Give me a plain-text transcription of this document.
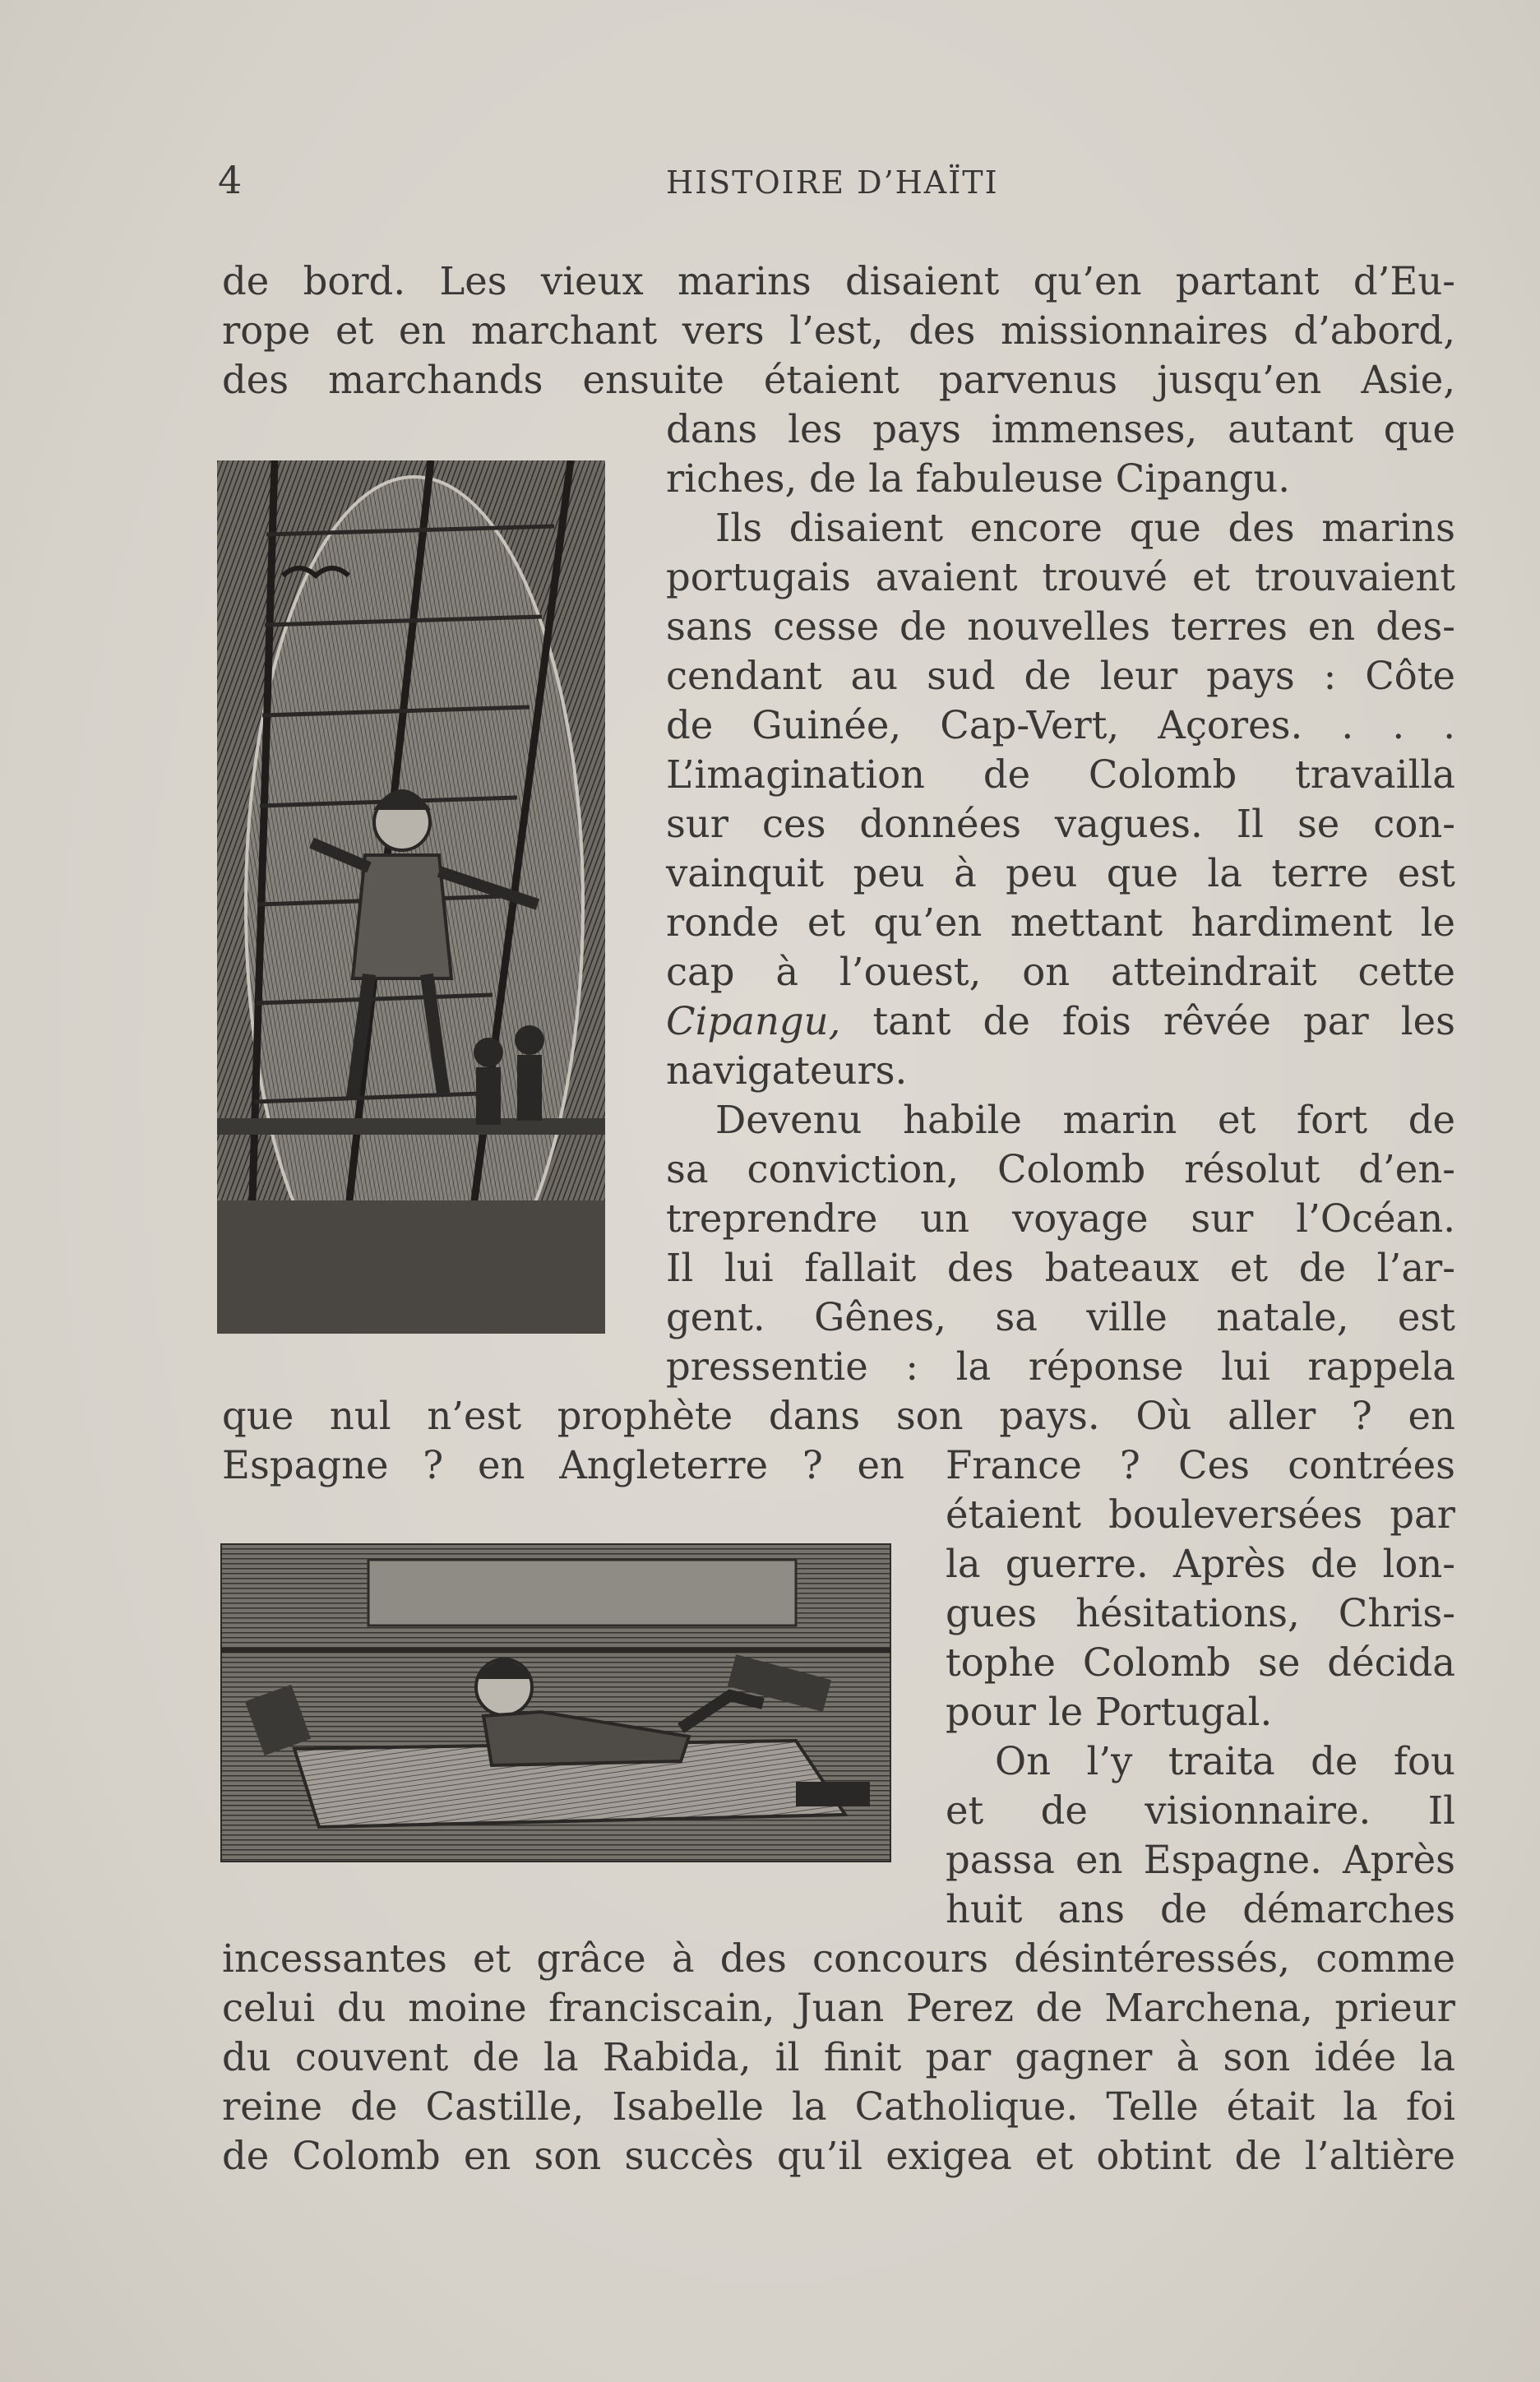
4	HISTOIRE D’HAÏTI
de bord. Les vieux marins disaient qu’en partant d’Eu-
rope et en marchant vers l’est, des missionnaires d’abord,
des marchands ensuite étaient parvenus jusqu’en Asie,
dans les pays immenses, autant que
riches, de la fabuleuse Cipangu.
Ils disaient encore que des marins
portugais avaient trouvé et trouvaient
sans cesse de nouvelles terres en des-
cendant au sud de leur pays : Côte
de Guinée, Cap-Vert, Açores. . . .
L’imagination de Colomb travailla
sur ces données vagues. Il se con-
vainquit peu à peu que la terre est
ronde et qu’en mettant hardiment le
cap à l’ouest, on atteindrait cette
Cipangu, tant de fois rêvée par les
navigateurs.
Devenu habile marin et fort de
sa conviction, Colomb résolut d’en-
treprendre un voyage sur l’Océan.
Il lui fallait des bateaux et de l’ar-
gent. Gênes, sa ville natale, est
pressentie : la réponse lui rappela
que nul n’est prophète dans son pays. Où aller ? en
Espagne ? en Angleterre ? en France ? Ces contrées
étaient bouleversées par
la guerre. Après de lon-
gues hésitations, Chris-
tophe Colomb se décida
pour le Portugal.
On l’y traita de fou
et de visionnaire. Il
passa en Espagne. Après
huit ans de démarches
incessantes et grâce à des concours désintéressés, comme
celui du moine franciscain, Juan Perez de Marchena, prieur
du couvent de la Rabida, il finit par gagner à son idée la
reine de Castille, Isabelle la Catholique. Telle était la foi
de Colomb en son succès qu’il exigea et obtint de l’altière
